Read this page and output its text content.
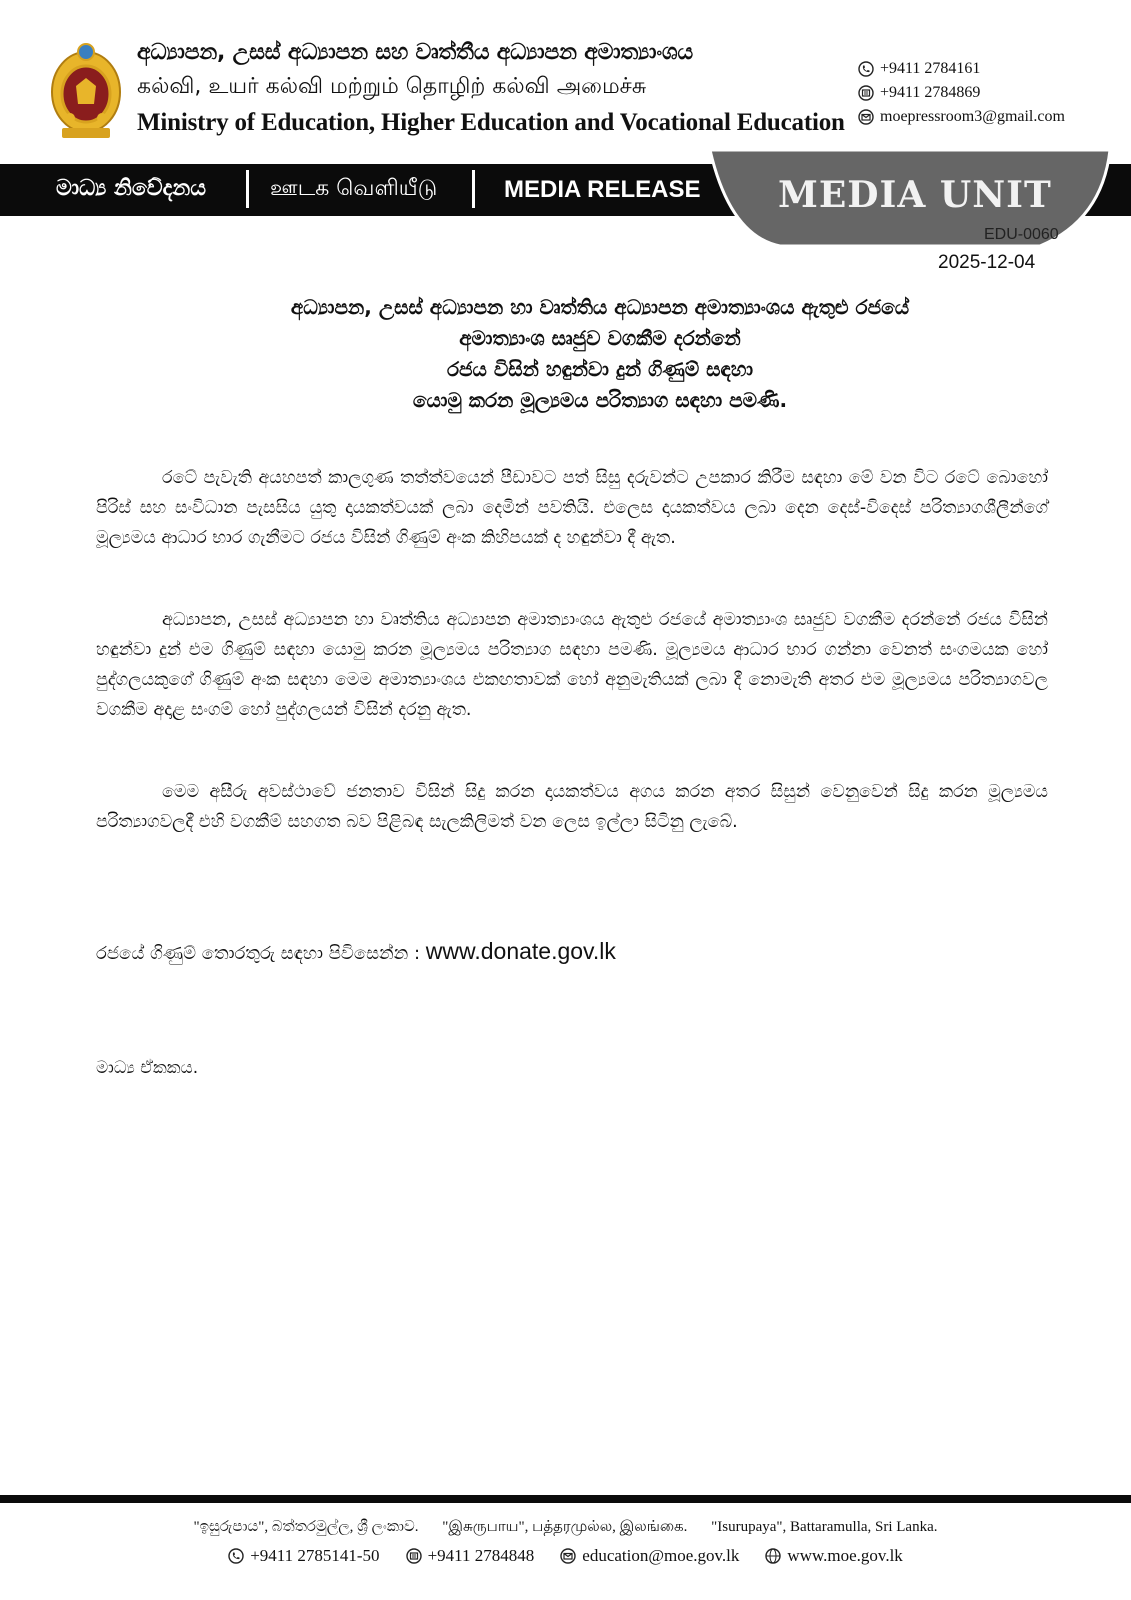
අධ්‍යාපන, උසස් අධ්‍යාපන සහ වෘත්තීය අධ්‍යාපන අමාත්‍යාංශය
கல்வி, உயர் கல்வி மற்றும் தொழிற் கல்வி அமைச்சு
Ministry of Education, Higher Education and Vocational Education
+9411 2784161
+9411 2784869
moepressroom3@gmail.com
මාධ්‍ය නිවේදනය	ஊடக வெளியீடு	MEDIA RELEASE MEDIA UNIT
EDU-0060
2025-12-04
අධ්‍යාපන, උසස් අධ්‍යාපන හා වෘත්තිය අධ්‍යාපන අමාත්‍යාංශය ඇතුළු රජයේ
අමාත්‍යාංශ සෘජුව වගකීම දරන්නේ
රජය විසින් හඳුන්වා දුන් ගිණුම් සඳහා
යොමු කරන මූල්‍යමය පරිත්‍යාග සඳහා පමණි.
රටේ පැවැති අයහපත් කාලගුණ තත්ත්වයෙන් පීඩාවට පත් සිසු දරුවන්ට උපකාර කිරීම සඳහා මේ වන විට රටේ බොහෝ පිරිස් සහ සංවිධාන පැසසිය යුතු දායකත්වයක් ලබා දෙමින් පවතියි. එලෙස දායකත්වය ලබා දෙන දෙස්-විදෙස් පරිත්‍යාගශීලීන්ගේ මූල්‍යමය ආධාර භාර ගැනීමට රජය විසින් ගිණුම් අංක කිහිපයක් ද හඳුන්වා දී ඇත.
අධ්‍යාපන, උසස් අධ්‍යාපන හා වෘත්තිය අධ්‍යාපන අමාත්‍යාංශය ඇතුළු රජයේ අමාත්‍යාංශ සෘජුව වගකීම දරන්නේ රජය විසින් හඳුන්වා දුන් එම ගිණුම් සඳහා යොමු කරන මූල්‍යමය පරිත්‍යාග සඳහා පමණි. මූල්‍යමය ආධාර භාර ගන්නා වෙනත් සංගමයක හෝ පුද්ගලයකුගේ ගිණුම් අංක සඳහා මෙම අමාත්‍යාංශය එකඟතාවක් හෝ අනුමැතියක් ලබා දී නොමැති අතර එම මූල්‍යමය පරිත්‍යාගවල වගකීම අදාළ සංගම් හෝ පුද්ගලයන් විසින් දරනු ඇත.
මෙම අසීරු අවස්ථාවේ ජනතාව විසින් සිදු කරන දායකත්වය අගය කරන අතර සිසුන් වෙනුවෙන් සිදු කරන මූල්‍යමය පරිත්‍යාගවලදී එහි වගකීම් සහගත බව පිළිබඳ සැලකිලිමත් වන ලෙස ඉල්ලා සිටිනු ලැබේ.
රජයේ ගිණුම් තොරතුරු සඳහා පිවිසෙන්න : www.donate.gov.lk
මාධ්‍ය ඒකකය.
"ඉසුරුපාය", බත්තරමුල්ල, ශ්‍රී ලංකාව. "இசுருபாய", பத்தரமுல்ல, இலங்கை. "Isurupaya", Battaramulla, Sri Lanka.
+9411 2785141-50	+9411 2784848	education@moe.gov.lk	www.moe.gov.lk
